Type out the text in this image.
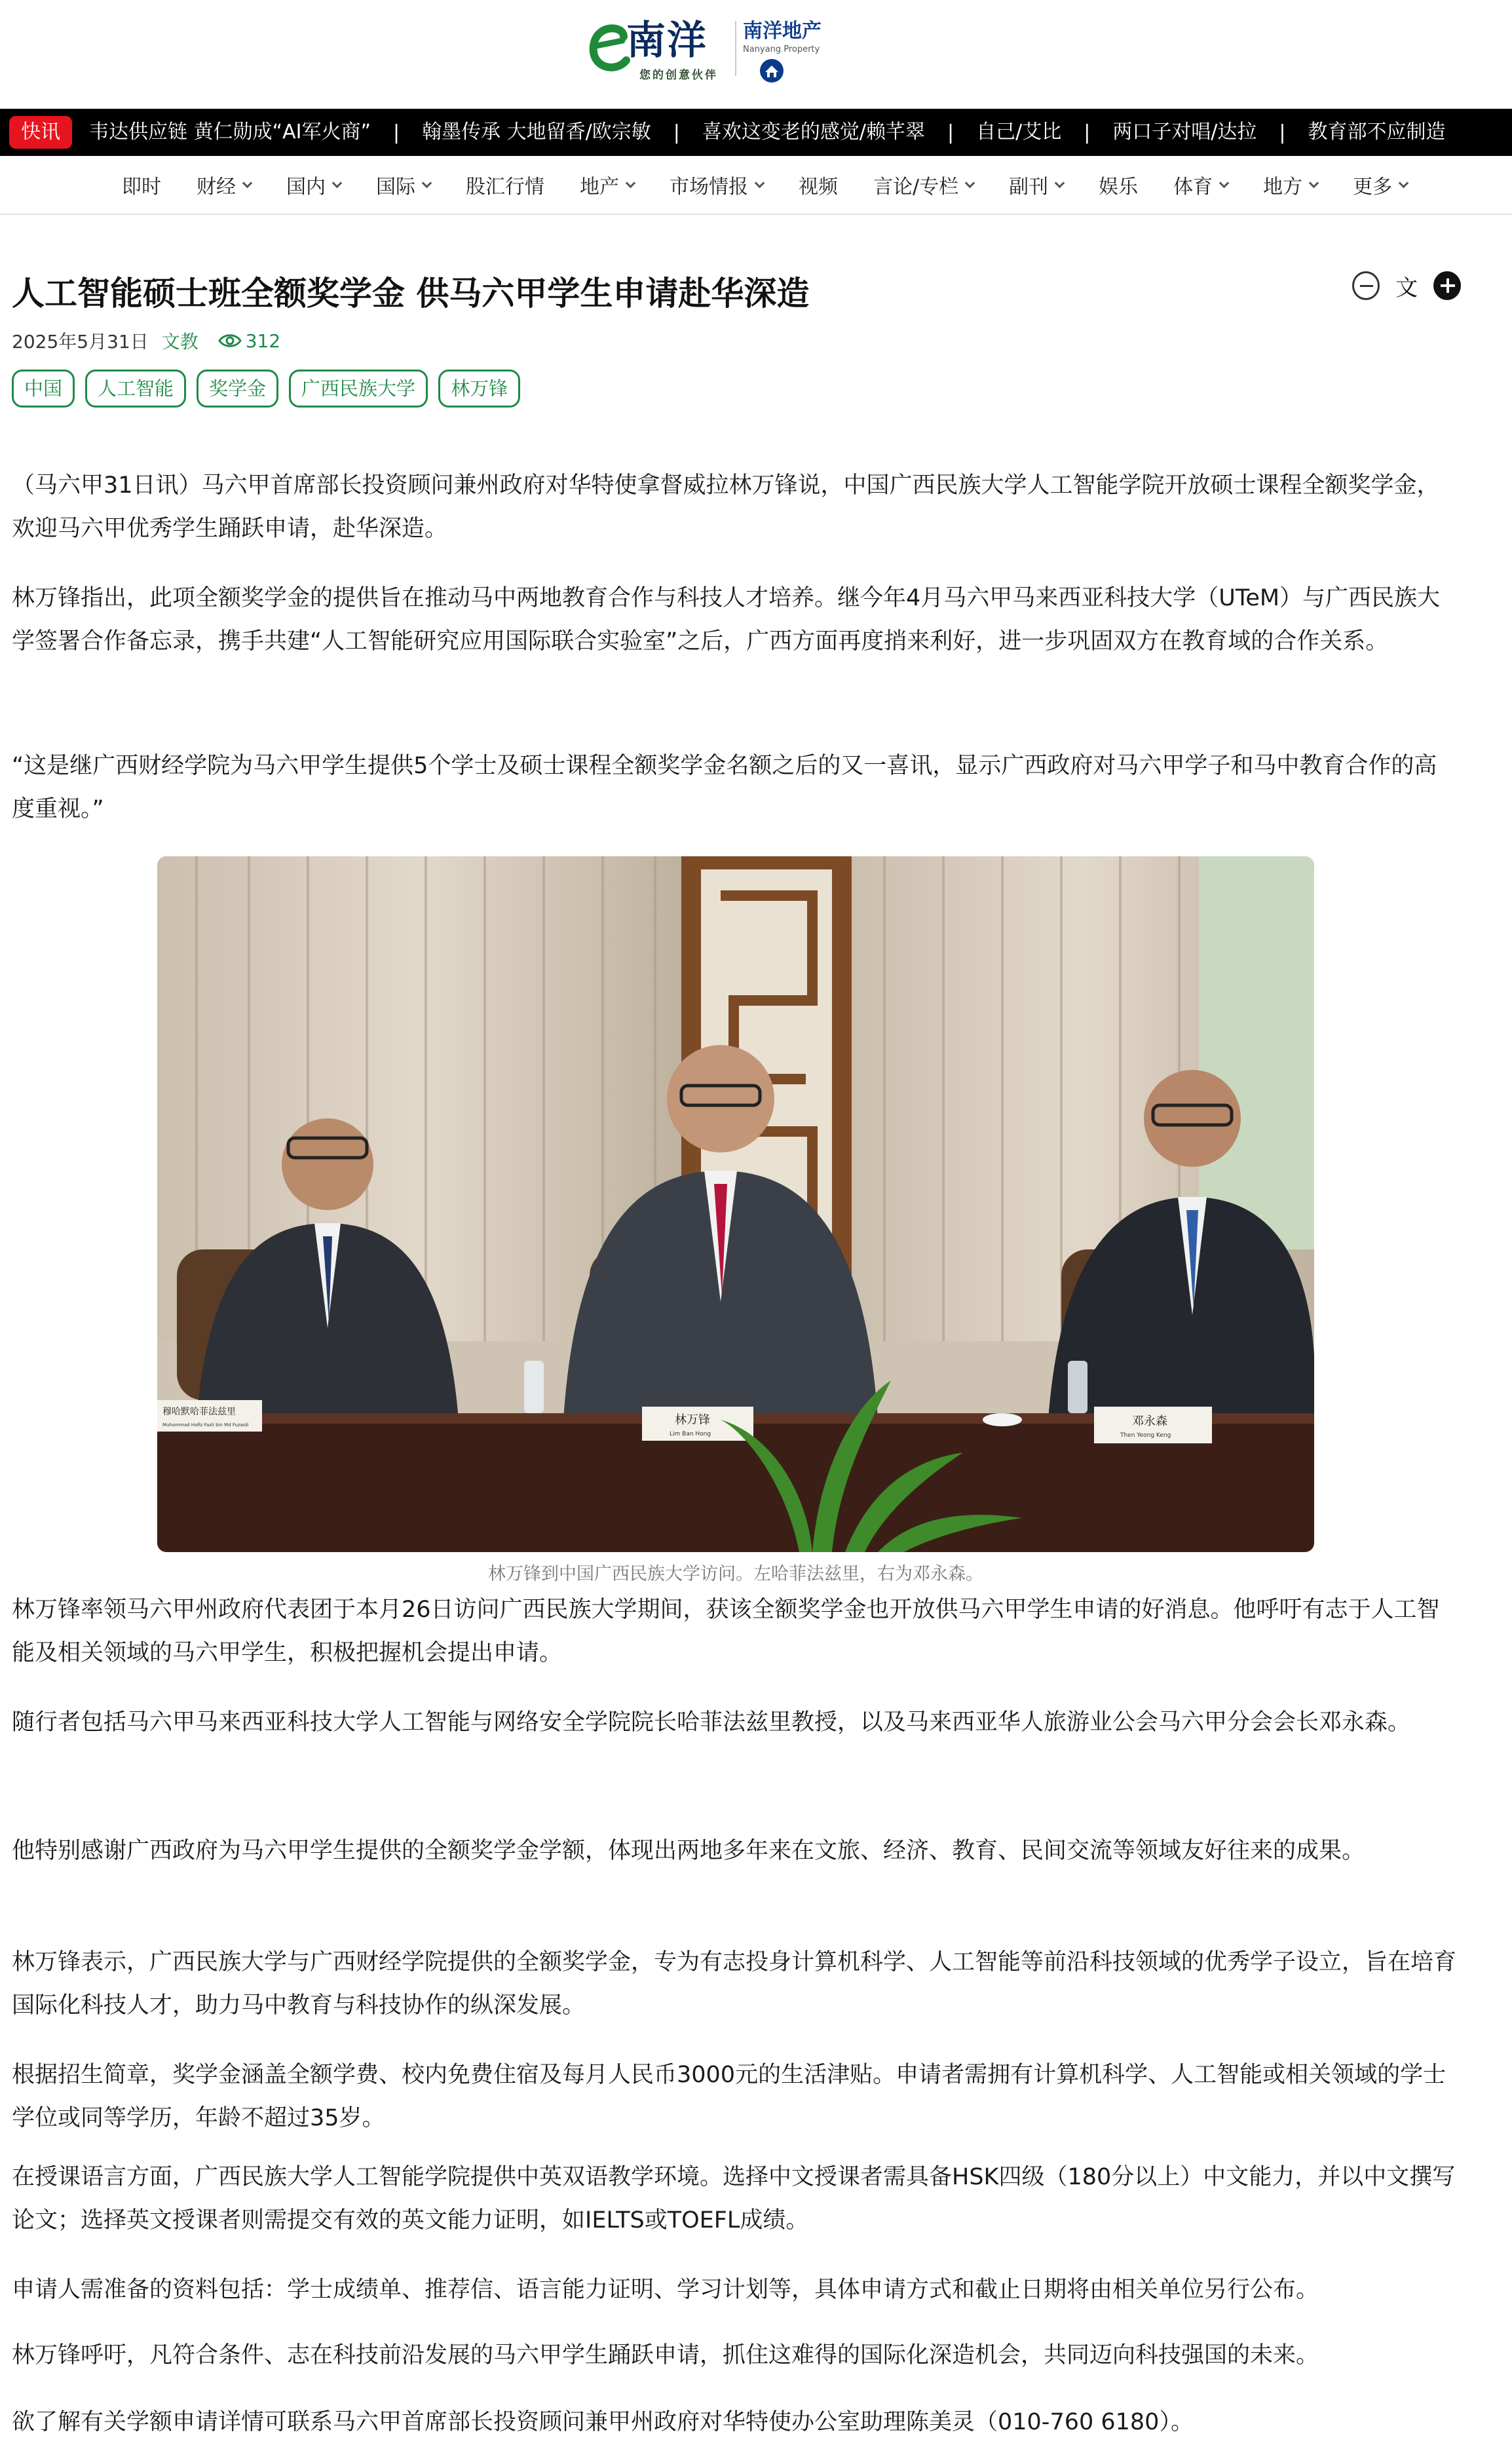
南洋
您的创意伙伴
南洋地产
Nanyang Property
快讯	韦达供应链 黄仁勋成“AI军火商” | 翰墨传承 大地留香/欧宗敏 | 喜欢这变老的感觉/赖芊翠 | 自己/艾比 | 两口子对唱/达拉 | 教育部不应制造
即时 财经	国内	国际	股汇行情 地产	市场情报	视频 言论/专栏	副刊	娱乐 体育	地方	更多
人工智能硕士班全额奖学金 供马六甲学生申请赴华深造	文
2025年5月31日 文教	312
中国	人工智能	奖学金	广西民族大学	林万锋

（马六甲31日讯）马六甲首席部长投资顾问兼州政府对华特使拿督威拉林万锋说，中国广西民族大学人工智能学院开放硕士课程全额奖学金，欢迎马六甲优秀学生踊跃申请，赴华深造。

林万锋指出，此项全额奖学金的提供旨在推动马中两地教育合作与科技人才培养。继今年4月马六甲马来西亚科技大学（UTeM）与广西民族大学签署合作备忘录，携手共建“人工智能研究应用国际联合实验室”之后，广西方面再度捎来利好，进一步巩固双方在教育域的合作关系。

“这是继广西财经学院为马六甲学生提供5个学士及硕士课程全额奖学金名额之后的又一喜讯，显示广西政府对马六甲学子和马中教育合作的高度重视。”

穆哈默哈菲法兹里
Muhammad Hafiz Fazli bin Md Fuzaidi	林万锋
Lim Ban Hong
邓永森
Then Yeong Keng
林万锋到中国广西民族大学访问。左哈菲法兹里，右为邓永森。

林万锋率领马六甲州政府代表团于本月26日访问广西民族大学期间，获该全额奖学金也开放供马六甲学生申请的好消息。他呼吁有志于人工智能及相关领域的马六甲学生，积极把握机会提出申请。

随行者包括马六甲马来西亚科技大学人工智能与网络安全学院院长哈菲法兹里教授，以及马来西亚华人旅游业公会马六甲分会会长邓永森。

他特别感谢广西政府为马六甲学生提供的全额奖学金学额，体现出两地多年来在文旅、经济、教育、民间交流等领域友好往来的成果。

林万锋表示，广西民族大学与广西财经学院提供的全额奖学金，专为有志投身计算机科学、人工智能等前沿科技领域的优秀学子设立，旨在培育国际化科技人才，助力马中教育与科技协作的纵深发展。

根据招生简章，奖学金涵盖全额学费、校内免费住宿及每月人民币3000元的生活津贴。申请者需拥有计算机科学、人工智能或相关领域的学士学位或同等学历，年龄不超过35岁。

在授课语言方面，广西民族大学人工智能学院提供中英双语教学环境。选择中文授课者需具备HSK四级（180分以上）中文能力，并以中文撰写论文；选择英文授课者则需提交有效的英文能力证明，如IELTS或TOEFL成绩。

申请人需准备的资料包括：学士成绩单、推荐信、语言能力证明、学习计划等，具体申请方式和截止日期将由相关单位另行公布。

林万锋呼吁，凡符合条件、志在科技前沿发展的马六甲学生踊跃申请，抓住这难得的国际化深造机会，共同迈向科技强国的未来。

欲了解有关学额申请详情可联系马六甲首席部长投资顾问兼甲州政府对华特使办公室助理陈美灵（010-760 6180）。
